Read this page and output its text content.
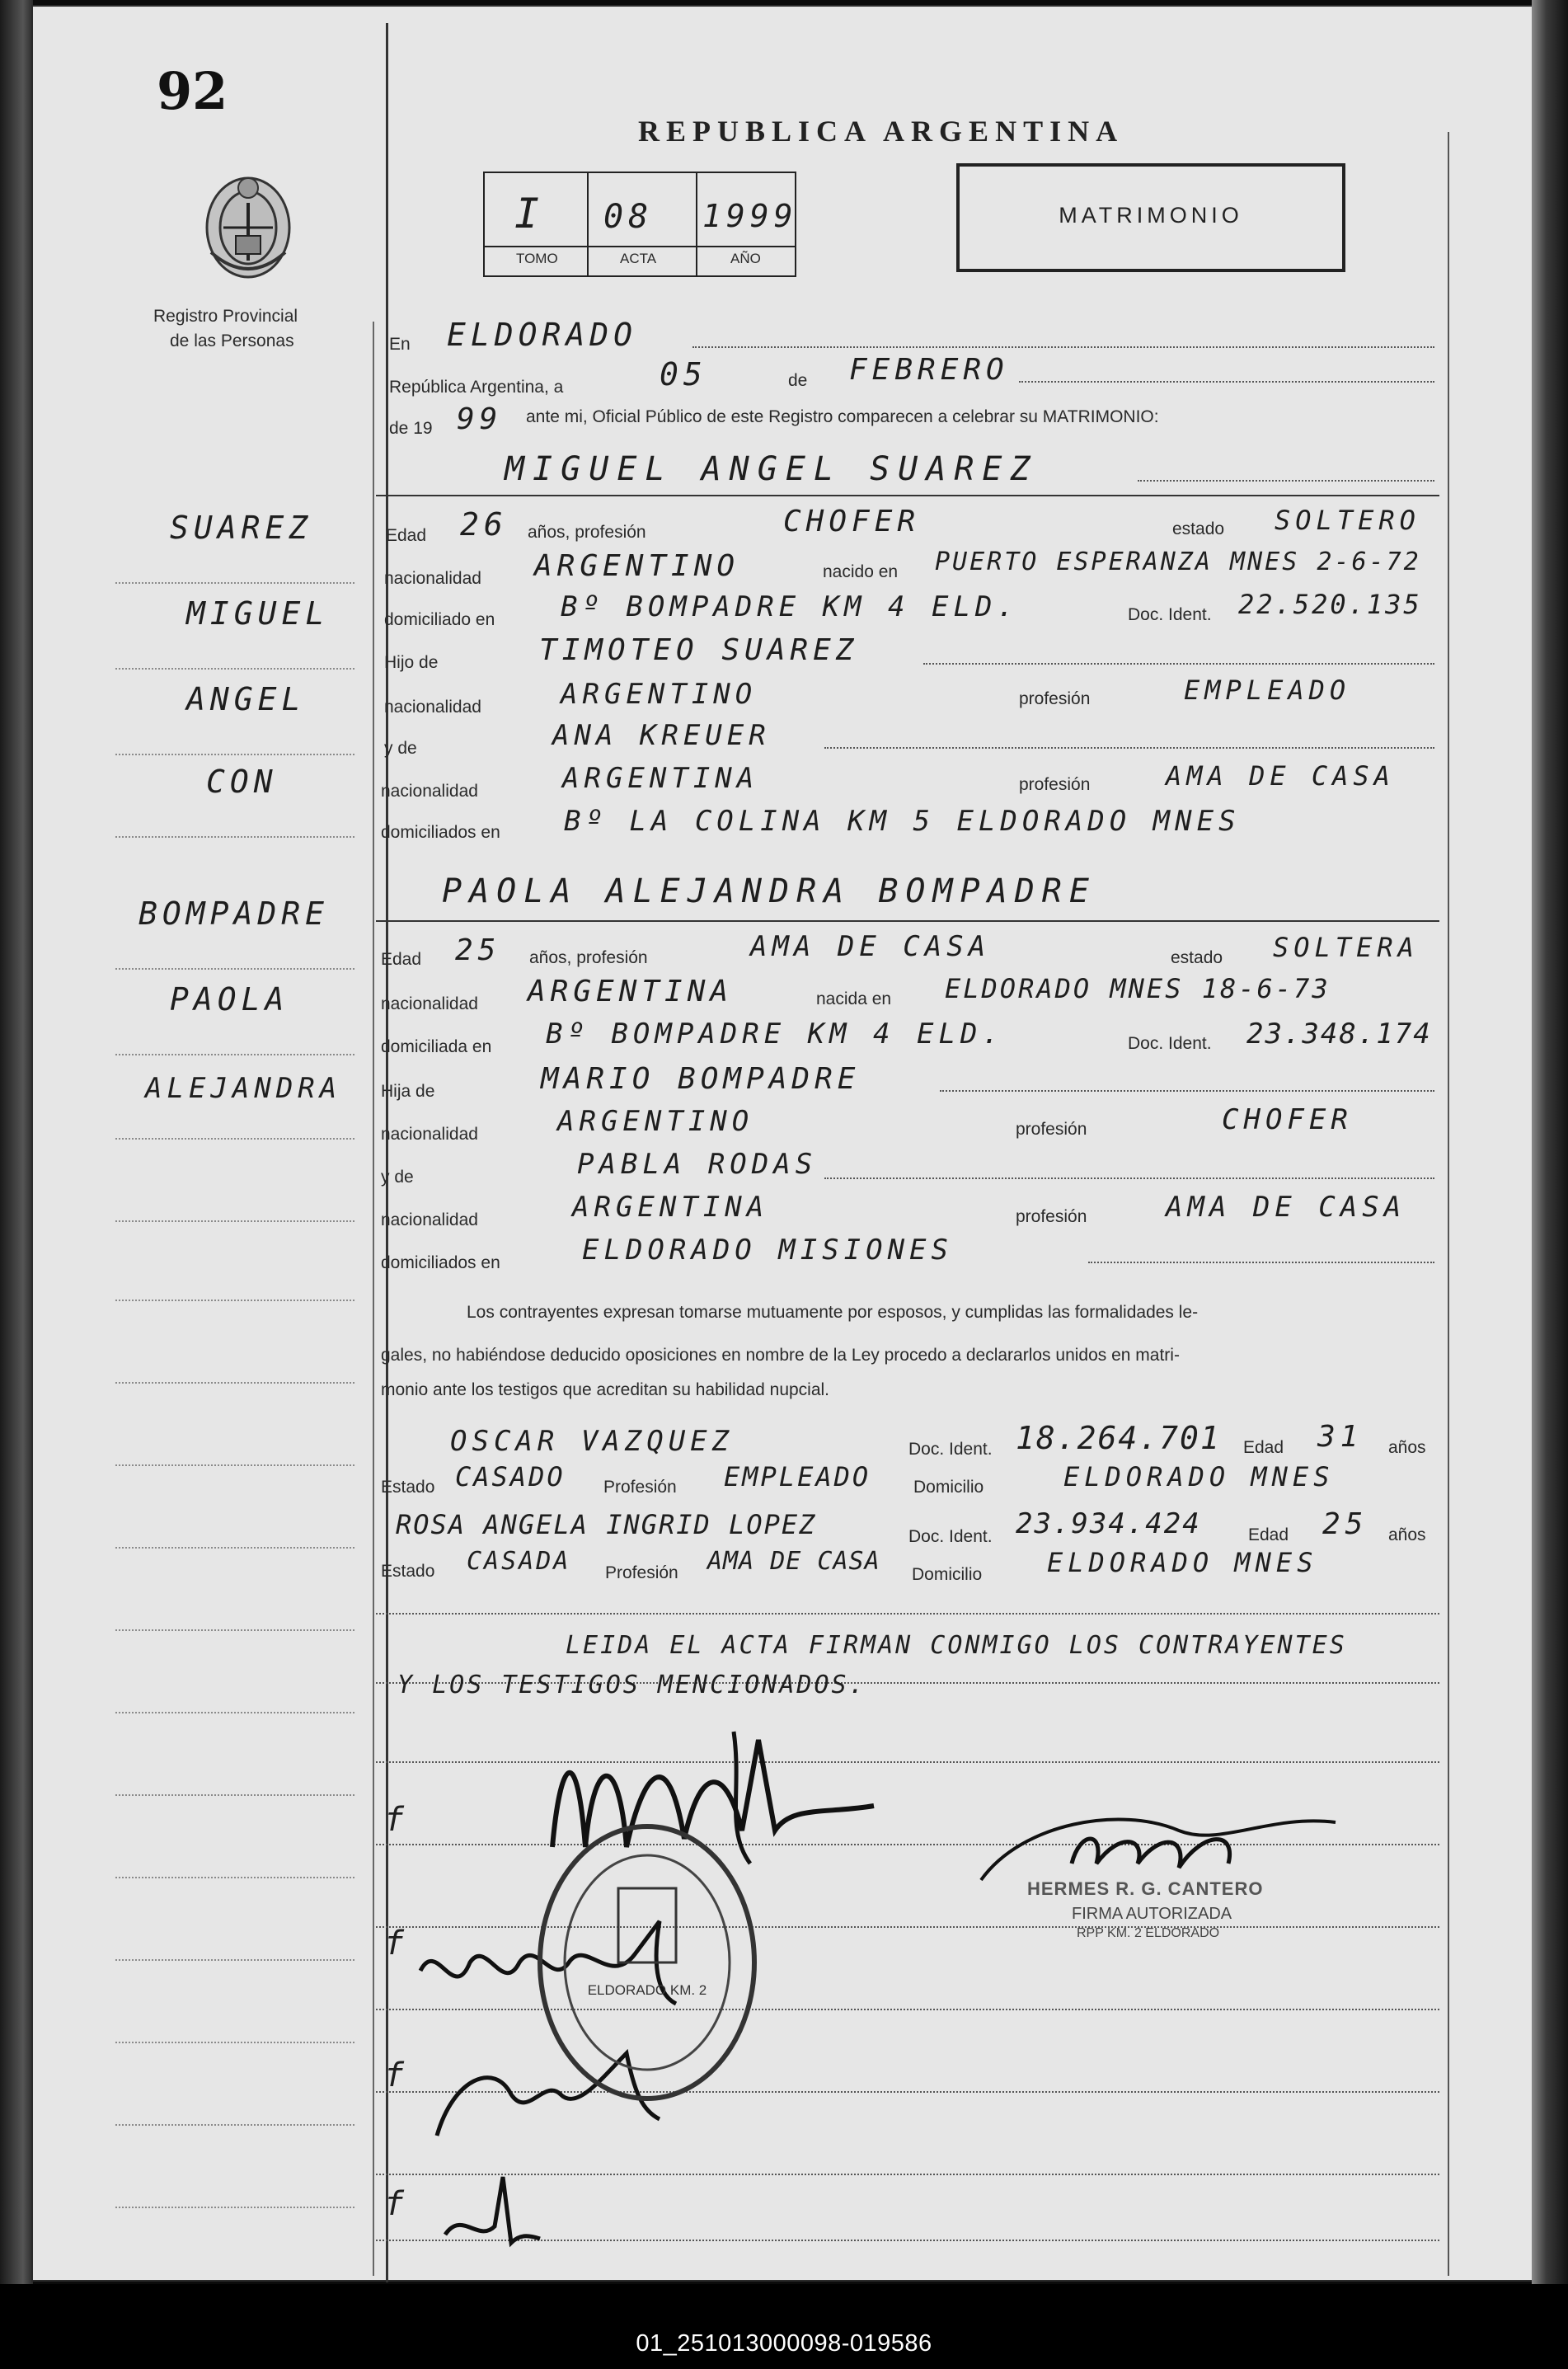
92
Registro Provincial
de las Personas
REPUBLICA ARGENTINA
I 08 1999
TOMO	ACTA	AÑO
MATRIMONIO
SUAREZ
MIGUEL
ANGEL
CON
BOMPADRE
PAOLA
ALEJANDRA
En ELDORADO
República Argentina, a	05	de FEBRERO
de 19 99 ante mi, Oficial Público de este Registro comparecen a celebrar su MATRIMONIO:
MIGUEL ANGEL SUAREZ
Edad 26 años, profesión	CHOFER	estado SOLTERO
nacionalidad ARGENTINO	nacido en PUERTO ESPERANZA MNES 2-6-72
domiciliado en Bº BOMPADRE KM 4 ELD.	Doc. Ident. 22.520.135
Hijo de	TIMOTEO SUAREZ
nacionalidad	ARGENTINO	profesión	EMPLEADO
y de	ANA KREUER
nacionalidad	ARGENTINA	profesión	AMA DE CASA
domiciliados en Bº LA COLINA KM 5 ELDORADO MNES
PAOLA ALEJANDRA BOMPADRE
Edad 25 años, profesión	AMA DE CASA	estado SOLTERA
nacionalidad ARGENTINA	nacida en ELDORADO MNES 18-6-73
domiciliada en Bº BOMPADRE KM 4 ELD.	Doc. Ident. 23.348.174
Hija de	MARIO BOMPADRE
nacionalidad	ARGENTINO	profesión	CHOFER
y de	PABLA RODAS
nacionalidad	ARGENTINA	profesión	AMA DE CASA
domiciliados en	ELDORADO MISIONES
Los contrayentes expresan tomarse mutuamente por esposos, y cumplidas las formalidades le-
gales, no habiéndose deducido oposiciones en nombre de la Ley procedo a declararlos unidos en matri-
monio ante los testigos que acreditan su habilidad nupcial.
OSCAR VAZQUEZ	Doc. Ident. 18.264.701 Edad 31 años
Estado CASADO Profesión EMPLEADO Domicilio	ELDORADO MNES
ROSA ANGELA INGRID LOPEZ	Doc. Ident. 23.934.424	Edad 25 años
Estado CASADA Profesión AMA DE CASA Domicilio ELDORADO MNES
LEIDA EL ACTA FIRMAN CONMIGO LOS CONTRAYENTES
Y LOS TESTIGOS MENCIONADOS.
f
f
f
f
ELDORADO KM. 2
HERMES R. G. CANTERO
FIRMA AUTORIZADA
RPP KM. 2 ELDORADO
01_251013000098-019586
